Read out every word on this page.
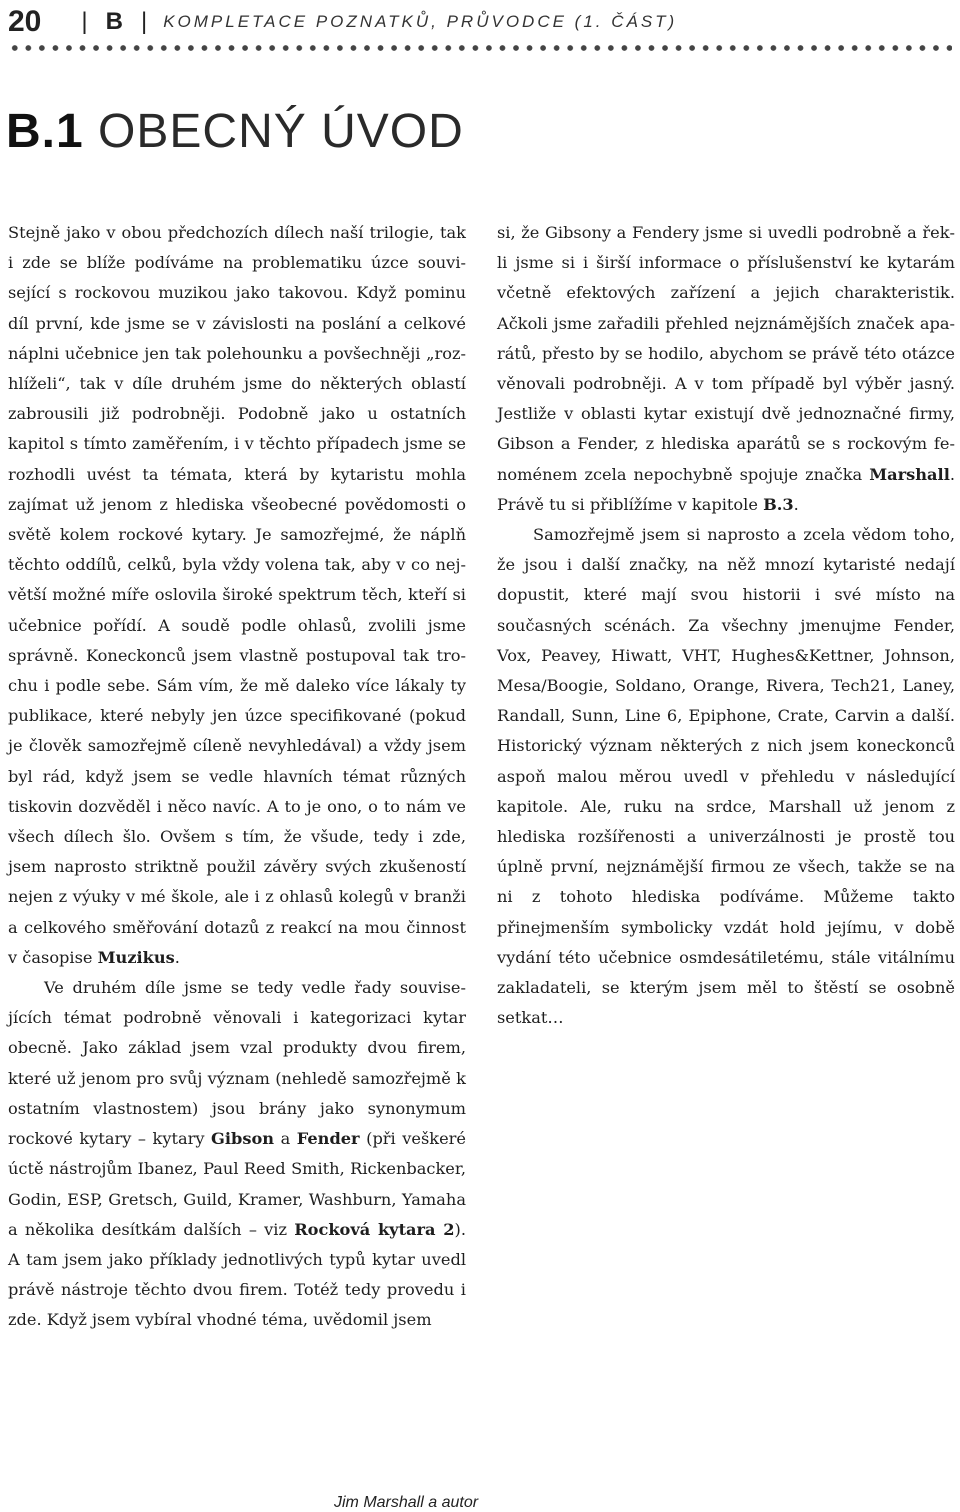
20 | B | KOMPLETACE POZNATKŮ, PRŮVODCE (1. ČÁST)
B.1 OBECNÝ ÚVOD

Stejně jako v obou předchozích dílech naší trilogie, tak i zde se blíže podíváme na problematiku úzce související s rockovou muzikou jako takovou. Když pominu díl první, kde jsme se v závislosti na poslání a celkové náplni učebnice jen tak polehounku a povšechněji „rozhlíželi“, tak v díle druhém jsme do některých oblastí zabrousili již podrobněji. Podobně jako u ostatních kapitol s tímto zaměřením, i v těchto případech jsme se rozhodli uvést ta témata, která by kytaristu mohla zajímat už jenom z hlediska všeobecné povědomosti o světě kolem rockové kytary. Je samozřejmé, že náplň těchto oddílů, celků, byla vždy volena tak, aby v co největší možné míře oslovila široké spektrum těch, kteří si učebnice pořídí. A soudě podle ohlasů, zvolili jsme správně. Koneckonců jsem vlastně postupoval tak trochu i podle sebe. Sám vím, že mě daleko více lákaly ty publikace, které nebyly jen úzce specifikované (pokud je člověk samozřejmě cíleně nevyhledával) a vždy jsem byl rád, když jsem se vedle hlavních témat různých tiskovin dozvěděl i něco navíc. A to je ono, o to nám ve všech dílech šlo. Ovšem s tím, že všude, tedy i zde, jsem naprosto striktně použil závěry svých zkušeností nejen z výuky v mé škole, ale i z ohlasů kolegů v branži a celkového směřování dotazů z reakcí na mou činnost v časopise Muzikus.

Ve druhém díle jsme se tedy vedle řady souvisejících témat podrobně věnovali i kategorizaci kytar obecně. Jako základ jsem vzal produkty dvou firem, které už jenom pro svůj význam (nehledě samozřejmě k ostatním vlastnostem) jsou brány jako synonymum rockové kytary – kytary Gibson a Fender (při veškeré úctě nástrojům Ibanez, Paul Reed Smith, Rickenbacker, Godin, ESP, Gretsch, Guild, Kramer, Washburn, Yamaha a několika desítkám dalších – viz Rocková kytara 2). A tam jsem jako příklady jednotlivých typů kytar uvedl právě nástroje těchto dvou firem. Totéž tedy provedu i zde. Když jsem vybíral vhodné téma, uvědomil jsem

si, že Gibsony a Fendery jsme si uvedli podrobně a řekli jsme si i širší informace o příslušenství ke kytarám včetně efektových zařízení a jejich charakteristik. Ačkoli jsme zařadili přehled nejznámějších značek aparátů, přesto by se hodilo, abychom se právě této otázce věnovali podrobněji. A v tom případě byl výběr jasný. Jestliže v oblasti kytar existují dvě jednoznačné firmy, Gibson a Fender, z hlediska aparátů se s rockovým fenoménem zcela nepochybně spojuje značka Marshall. Právě tu si přiblížíme v kapitole B.3.

Samozřejmě jsem si naprosto a zcela vědom toho, že jsou i další značky, na něž mnozí kytaristé nedají dopustit, které mají svou historii i své místo na současných scénách. Za všechny jmenujme Fender, Vox, Peavey, Hiwatt, VHT, Hughes&Kettner, Johnson, Mesa/Boogie, Soldano, Orange, Rivera, Tech21, Laney, Randall, Sunn, Line 6, Epiphone, Crate, Carvin a další. Historický význam některých z nich jsem koneckonců aspoň malou měrou uvedl v přehledu v následující kapitole. Ale, ruku na srdce, Marshall už jenom z hlediska rozšířenosti a univerzálnosti je prostě tou úplně první, nejznámější firmou ze všech, takže se na ni z tohoto hlediska podíváme. Můžeme takto přinejmenším symbolicky vzdát hold jejímu, v době vydání této učebnice osmdesátiletému, stále vitálnímu zakladateli, se kterým jsem měl to štěstí se osobně setkat…

Jim Marshall a autor
